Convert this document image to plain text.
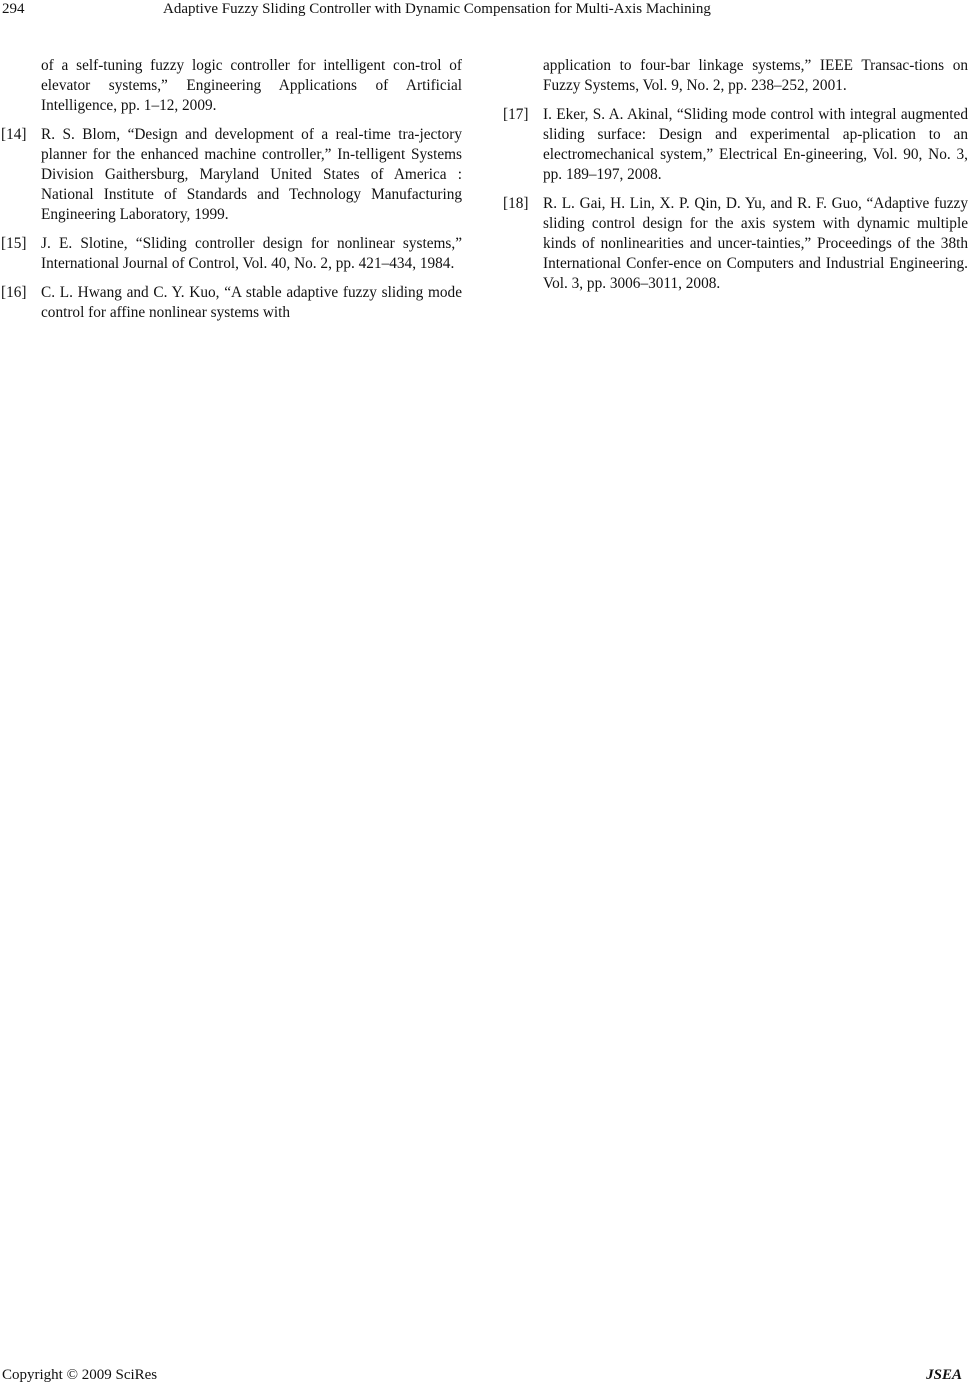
294	Adaptive Fuzzy Sliding Controller with Dynamic Compensation for Multi-Axis Machining
of a self-tuning fuzzy logic controller for intelligent con-trol of elevator systems,” Engineering Applications of Artificial Intelligence, pp. 1–12, 2009.
[14] R. S. Blom, “Design and development of a real-time tra-jectory planner for the enhanced machine controller,” In-telligent Systems Division Gaithersburg, Maryland United States of America : National Institute of Standards and Technology Manufacturing Engineering Laboratory, 1999.
[15] J. E. Slotine, “Sliding controller design for nonlinear systems,” International Journal of Control, Vol. 40, No. 2, pp. 421–434, 1984.
[16] C. L. Hwang and C. Y. Kuo, “A stable adaptive fuzzy sliding mode control for affine nonlinear systems with
application to four-bar linkage systems,” IEEE Transac-tions on Fuzzy Systems, Vol. 9, No. 2, pp. 238–252, 2001.
[17] I. Eker, S. A. Akinal, “Sliding mode control with integral augmented sliding surface: Design and experimental ap-plication to an electromechanical system,” Electrical En-gineering, Vol. 90, No. 3, pp. 189–197, 2008.
[18] R. L. Gai, H. Lin, X. P. Qin, D. Yu, and R. F. Guo, “Adaptive fuzzy sliding control design for the axis system with dynamic multiple kinds of nonlinearities and uncer-tainties,” Proceedings of the 38th International Confer-ence on Computers and Industrial Engineering. Vol. 3, pp. 3006–3011, 2008.
Copyright © 2009 SciRes	JSEA
